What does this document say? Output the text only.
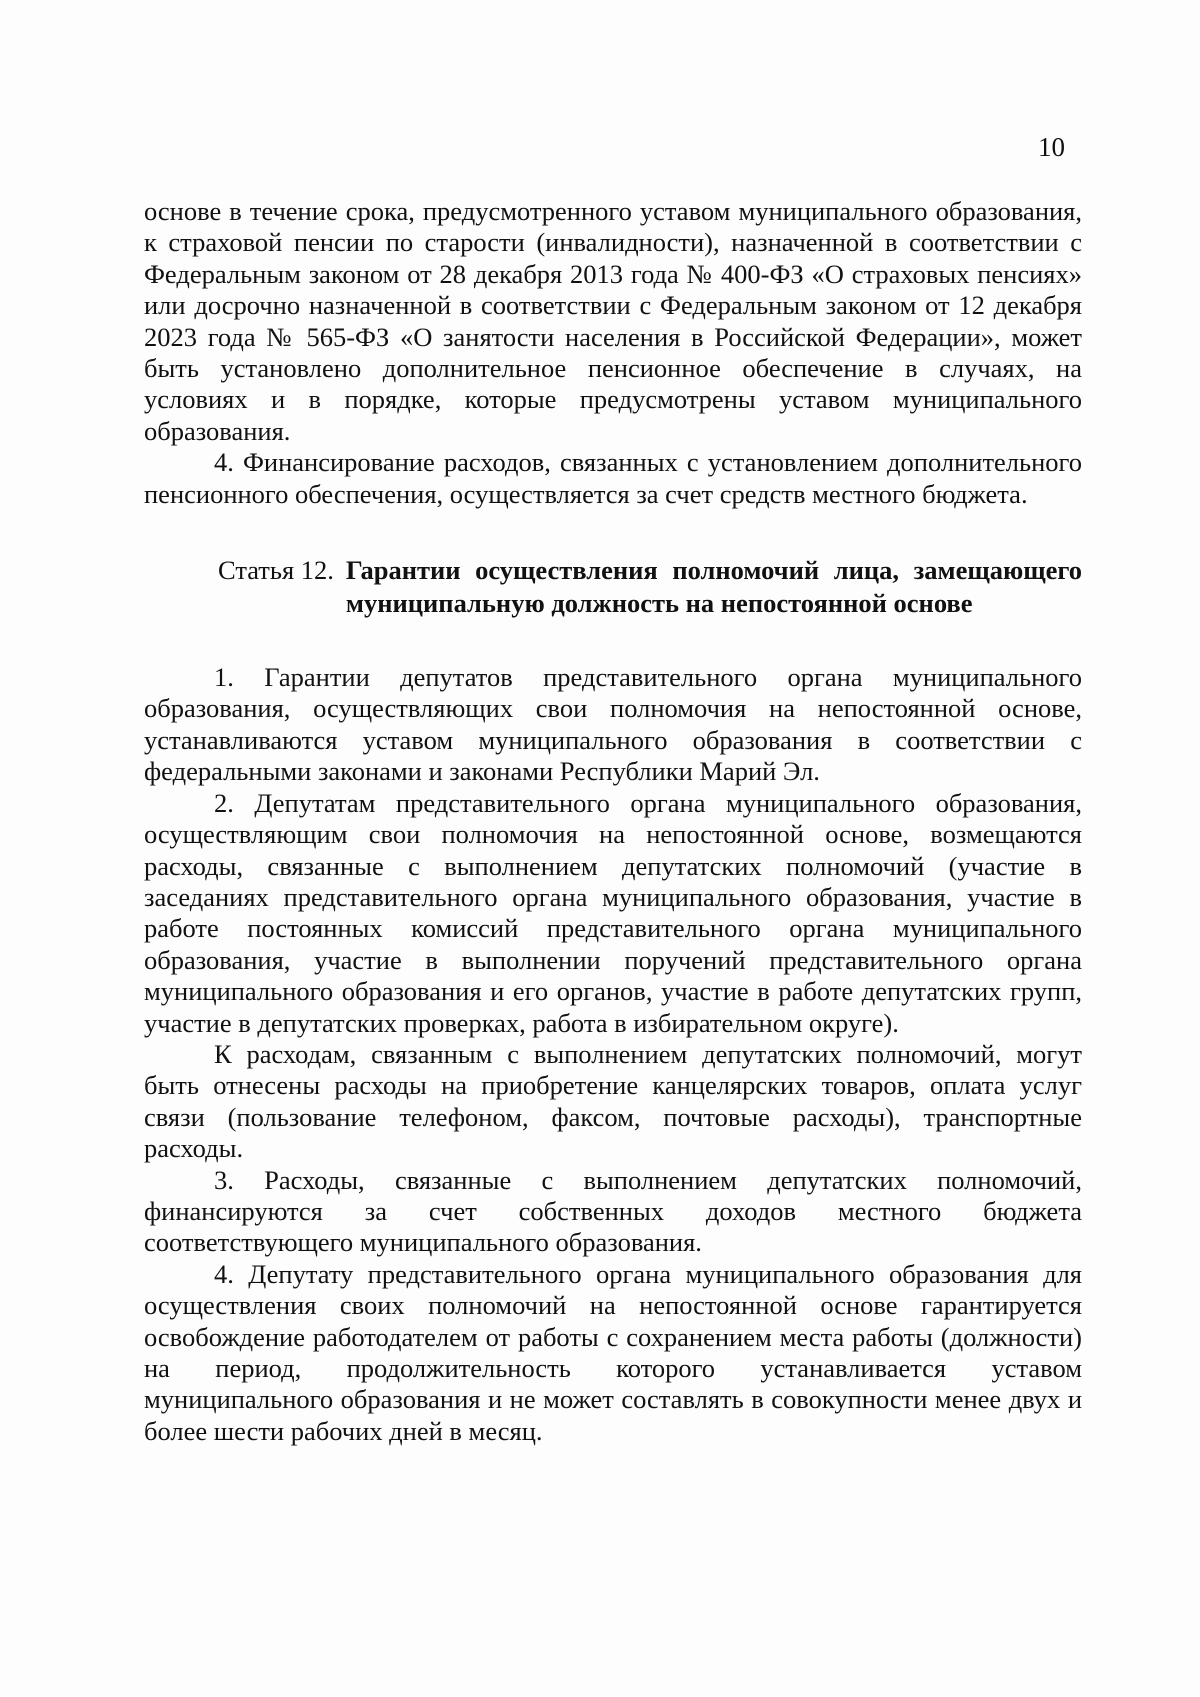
10

основе в течение срока, предусмотренного уставом муниципального образования, к страховой пенсии по старости (инвалидности), назначенной в соответствии с Федеральным законом от 28 декабря 2013 года № 400-ФЗ «О страховых пенсиях» или досрочно назначенной в соответствии с Федеральным законом от 12 декабря 2023 года № 565-ФЗ «О занятости населения в Российской Федерации», может быть установлено дополнительное пенсионное обеспечение в случаях, на условиях и в порядке, которые предусмотрены уставом муниципального образования.

4. Финансирование расходов, связанных с установлением дополнительного пенсионного обеспечения, осуществляется за счет средств местного бюджета.

Статья 12. Гарантии осуществления полномочий лица, замещающего муниципальную должность на непостоянной основе

1. Гарантии депутатов представительного органа муниципального образования, осуществляющих свои полномочия на непостоянной основе, устанавливаются уставом муниципального образования в соответствии с федеральными законами и законами Республики Марий Эл.

2. Депутатам представительного органа муниципального образования, осуществляющим свои полномочия на непостоянной основе, возмещаются расходы, связанные с выполнением депутатских полномочий (участие в заседаниях представительного органа муниципального образования, участие в работе постоянных комиссий представительного органа муниципального образования, участие в выполнении поручений представительного органа муниципального образования и его органов, участие в работе депутатских групп, участие в депутатских проверках, работа в избирательном округе).

К расходам, связанным с выполнением депутатских полномочий, могут быть отнесены расходы на приобретение канцелярских товаров, оплата услуг связи (пользование телефоном, факсом, почтовые расходы), транспортные расходы.

3. Расходы, связанные с выполнением депутатских полномочий, финансируются за счет собственных доходов местного бюджета соответствующего муниципального образования.

4. Депутату представительного органа муниципального образования для осуществления своих полномочий на непостоянной основе гарантируется освобождение работодателем от работы с сохранением места работы (должности) на период, продолжительность которого устанавливается уставом муниципального образования и не может составлять в совокупности менее двух и более шести рабочих дней в месяц.
